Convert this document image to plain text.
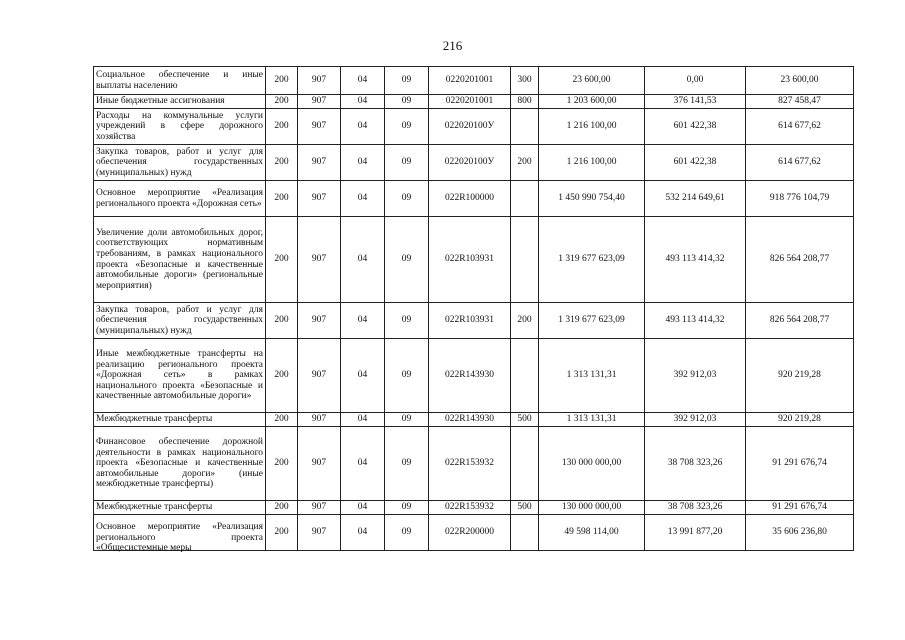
216
Социальное обеспечение и иные выплаты населению	200	907	04	09	0220201001	300	23 600,00	0,00	23 600,00
Иные бюджетные ассигнования	200	907	04	09	0220201001	800	1 203 600,00	376 141,53	827 458,47
Расходы на коммунальные услуги учреждений в сфере дорожного хозяйства	200	907	04	09	022020100У		1 216 100,00	601 422,38	614 677,62
Закупка товаров, работ и услуг для обеспечения государственных (муниципальных) нужд	200	907	04	09	022020100У	200	1 216 100,00	601 422,38	614 677,62
Основное мероприятие «Реализация регионального проекта «Дорожная сеть»	200	907	04	09	022R100000		1 450 990 754,40	532 214 649,61	918 776 104,79
Увеличение доли автомобильных дорог, соответствующих нормативным требованиям, в рамках национального проекта «Безопасные и качественные автомобильные дороги» (региональные мероприятия)	200	907	04	09	022R103931		1 319 677 623,09	493 113 414,32	826 564 208,77
Закупка товаров, работ и услуг для обеспечения государственных (муниципальных) нужд	200	907	04	09	022R103931	200	1 319 677 623,09	493 113 414,32	826 564 208,77
Иные межбюджетные трансферты на реализацию регионального проекта «Дорожная сеть» в рамках национального проекта «Безопасные и качественные автомобильные дороги»	200	907	04	09	022R143930		1 313 131,31	392 912,03	920 219,28
Межбюджетные трансферты	200	907	04	09	022R143930	500	1 313 131,31	392 912,03	920 219,28
Финансовое обеспечение дорожной деятельности в рамках национального проекта «Безопасные и качественные автомобильные дороги» (иные межбюджетные трансферты)	200	907	04	09	022R153932		130 000 000,00	38 708 323,26	91 291 676,74
Межбюджетные трансферты	200	907	04	09	022R153932	500	130 000 000,00	38 708 323,26	91 291 676,74

Основное мероприятие «Реализация регионального проекта «Общесистемные меры	200	907	04	09	022R200000		49 598 114,00	13 991 877,20	35 606 236,80
